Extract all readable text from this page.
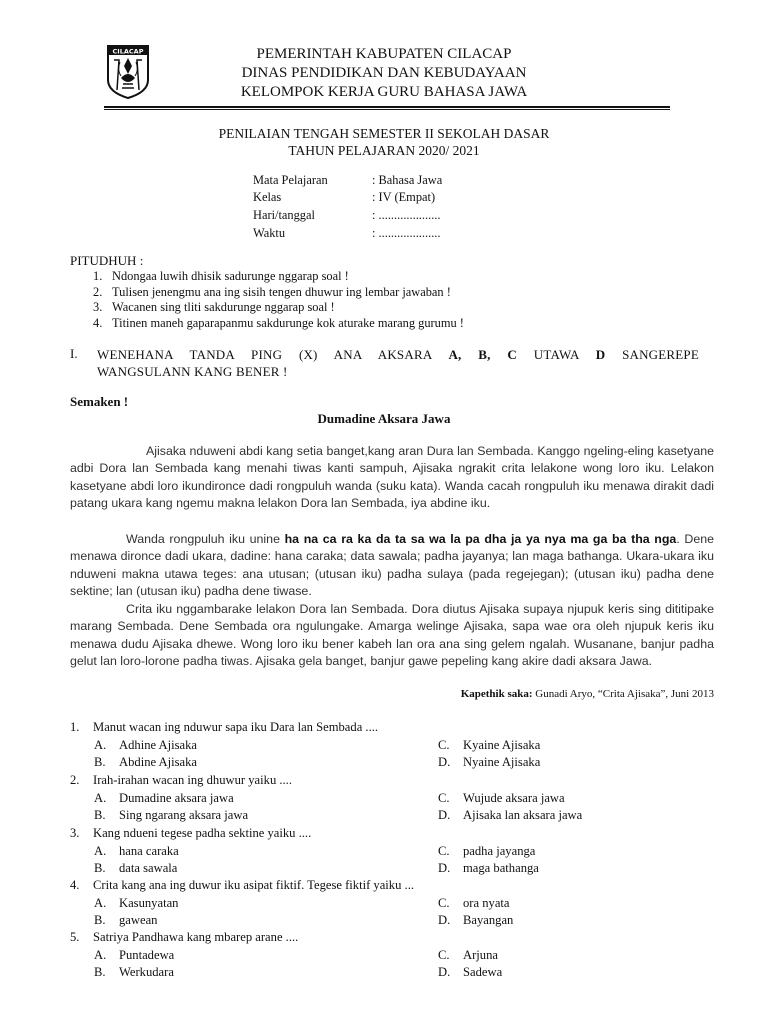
CILACAP	PEMERINTAH KABUPATEN CILACAP
DINAS PENDIDIKAN DAN KEBUDAYAAN
KELOMPOK KERJA GURU BAHASA JAWA
PENILAIAN TENGAH SEMESTER II SEKOLAH DASAR
TAHUN PELAJARAN 2020/ 2021
Mata Pelajaran	: Bahasa Jawa
Kelas	: IV (Empat)
Hari/tanggal	: ....................
Waktu	: ....................
PITUDHUH :
1. Ndongaa luwih dhisik sadurunge nggarap soal !
2. Tulisen jenengmu ana ing sisih tengen dhuwur ing lembar jawaban !
3. Wacanen sing tliti sakdurunge nggarap soal !
4. Titinen maneh gaparapanmu sakdurunge kok aturake marang gurumu !
I. WENEHANA TANDA PING (X) ANA AKSARA A, B, C UTAWA D SANGEREPE
WANGSULANN KANG BENER !
Semaken !
Dumadine Aksara Jawa
Ajisaka nduweni abdi kang setia banget,kang aran Dura lan Sembada. Kanggo ngeling-eling kasetyane adbi Dora lan Sembada kang menahi tiwas kanti sampuh, Ajisaka ngrakit crita lelakone wong loro iku. Lelakon kasetyane abdi loro ikundironce dadi rongpuluh wanda (suku kata). Wanda cacah rongpuluh iku menawa dirakit dadi patang ukara kang ngemu makna lelakon Dora lan Sembada, iya abdine iku.
Wanda rongpuluh iku unine ha na ca ra ka da ta sa wa la pa dha ja ya nya ma ga ba tha nga. Dene menawa dironce dadi ukara, dadine: hana caraka; data sawala; padha jayanya; lan maga bathanga. Ukara-ukara iku nduweni makna utawa teges: ana utusan; (utusan iku) padha sulaya (pada regejegan); (utusan iku) padha dene sektine; lan (utusan iku) padha dene tiwase.
Crita iku nggambarake lelakon Dora lan Sembada. Dora diutus Ajisaka supaya njupuk keris sing dititipake marang Sembada. Dene Sembada ora ngulungake. Amarga welinge Ajisaka, sapa wae ora oleh njupuk keris iku menawa dudu Ajisaka dhewe. Wong loro iku bener kabeh lan ora ana sing gelem ngalah. Wusanane, banjur padha gelut lan loro-lorone padha tiwas. Ajisaka gela banget, banjur gawe pepeling kang akire dadi aksara Jawa.
Kapethik saka: Gunadi Aryo, “Crita Ajisaka”, Juni 2013
1. Manut wacan ing nduwur sapa iku Dara lan Sembada ....
A. Adhine Ajisaka
B. Abdine Ajisaka
C. Kyaine Ajisaka
D. Nyaine Ajisaka
2. Irah-irahan wacan ing dhuwur yaiku ....
A. Dumadine aksara jawa
B. Sing ngarang aksara jawa
C. Wujude aksara jawa
D. Ajisaka lan aksara jawa
3. Kang ndueni tegese padha sektine yaiku ....
A. hana caraka
B. data sawala
C. padha jayanga
D. maga bathanga
4. Crita kang ana ing duwur iku asipat fiktif. Tegese fiktif yaiku ...
A. Kasunyatan
B. gawean
C. ora nyata
D. Bayangan
5. Satriya Pandhawa kang mbarep arane ....
A. Puntadewa
B. Werkudara
C. Arjuna
D. Sadewa
